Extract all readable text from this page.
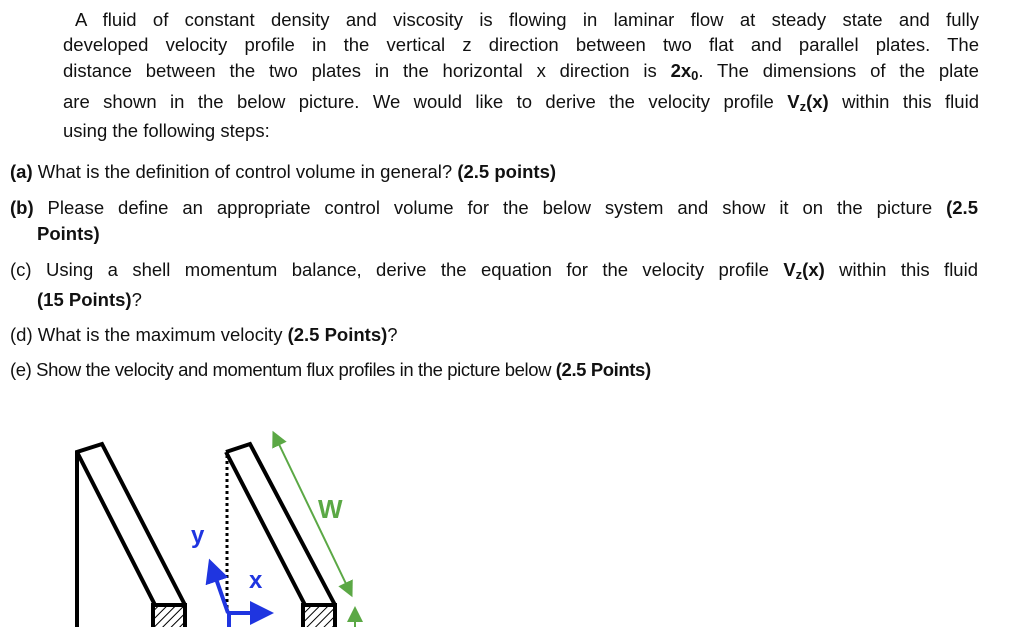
A fluid of constant density and viscosity is flowing in laminar flow at steady state and fully
developed velocity profile in the vertical z direction between two flat and parallel plates. The
distance between the two plates in the horizontal x direction is $2x_0$. The dimensions of the plate
are shown in the below picture. We would like to derive the velocity profile $V_z(x)$ within this fluid
using the following steps:
(a) What is the definition of control volume in general? (2.5 points)
(b) Please define an appropriate control volume for the below system and show it on the picture (2.5
Points)
(c) Using a shell momentum balance, derive the equation for the velocity profile $V_z(x)$ within this fluid
(15 Points)?
(d) What is the maximum velocity (2.5 Points)?
(e) Show the velocity and momentum flux profiles in the picture below (2.5 Points)
W
x
y
